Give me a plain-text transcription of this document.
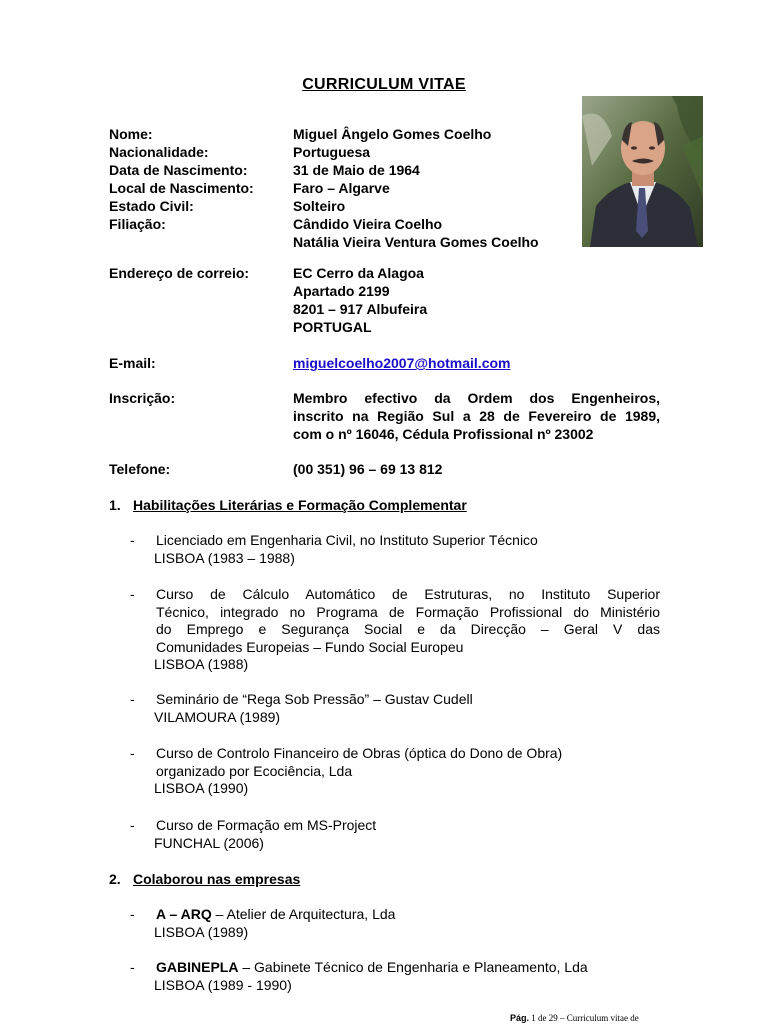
CURRICULUM VITAE
Nome:	Miguel Ângelo Gomes Coelho
Nacionalidade:	Portuguesa
Data de Nascimento:	31 de Maio de 1964
Local de Nascimento:	Faro – Algarve
Estado Civil:	Solteiro
Filiação:	Cândido Vieira Coelho
Natália Vieira Ventura Gomes Coelho
Endereço de correio:	EC Cerro da Alagoa
Apartado 2199
8201 – 917 Albufeira
PORTUGAL
E-mail:	miguelcoelho2007@hotmail.com
Inscrição:	Membro efectivo da Ordem dos Engenheiros,
inscrito na Região Sul a 28 de Fevereiro de 1989,
com o nº 16046, Cédula Profissional nº 23002
Telefone:	(00 351) 96 – 69 13 812
1. Habilitações Literárias e Formação Complementar
- Licenciado em Engenharia Civil, no Instituto Superior Técnico
LISBOA (1983 – 1988)
- Curso de Cálculo Automático de Estruturas, no Instituto Superior
Técnico, integrado no Programa de Formação Profissional do Ministério
do Emprego e Segurança Social e da Direcção – Geral V das
Comunidades Europeias – Fundo Social Europeu
LISBOA (1988)
- Seminário de “Rega Sob Pressão” – Gustav Cudell
VILAMOURA (1989)
- Curso de Controlo Financeiro de Obras (óptica do Dono de Obra)
organizado por Ecociência, Lda
LISBOA (1990)
- Curso de Formação em MS-Project
FUNCHAL (2006)
2. Colaborou nas empresas
- A – ARQ – Atelier de Arquitectura, Lda
LISBOA (1989)
- GABINEPLA – Gabinete Técnico de Engenharia e Planeamento, Lda
LISBOA (1989 - 1990)
Pág. 1 de 29 – Curriculum vitae de
